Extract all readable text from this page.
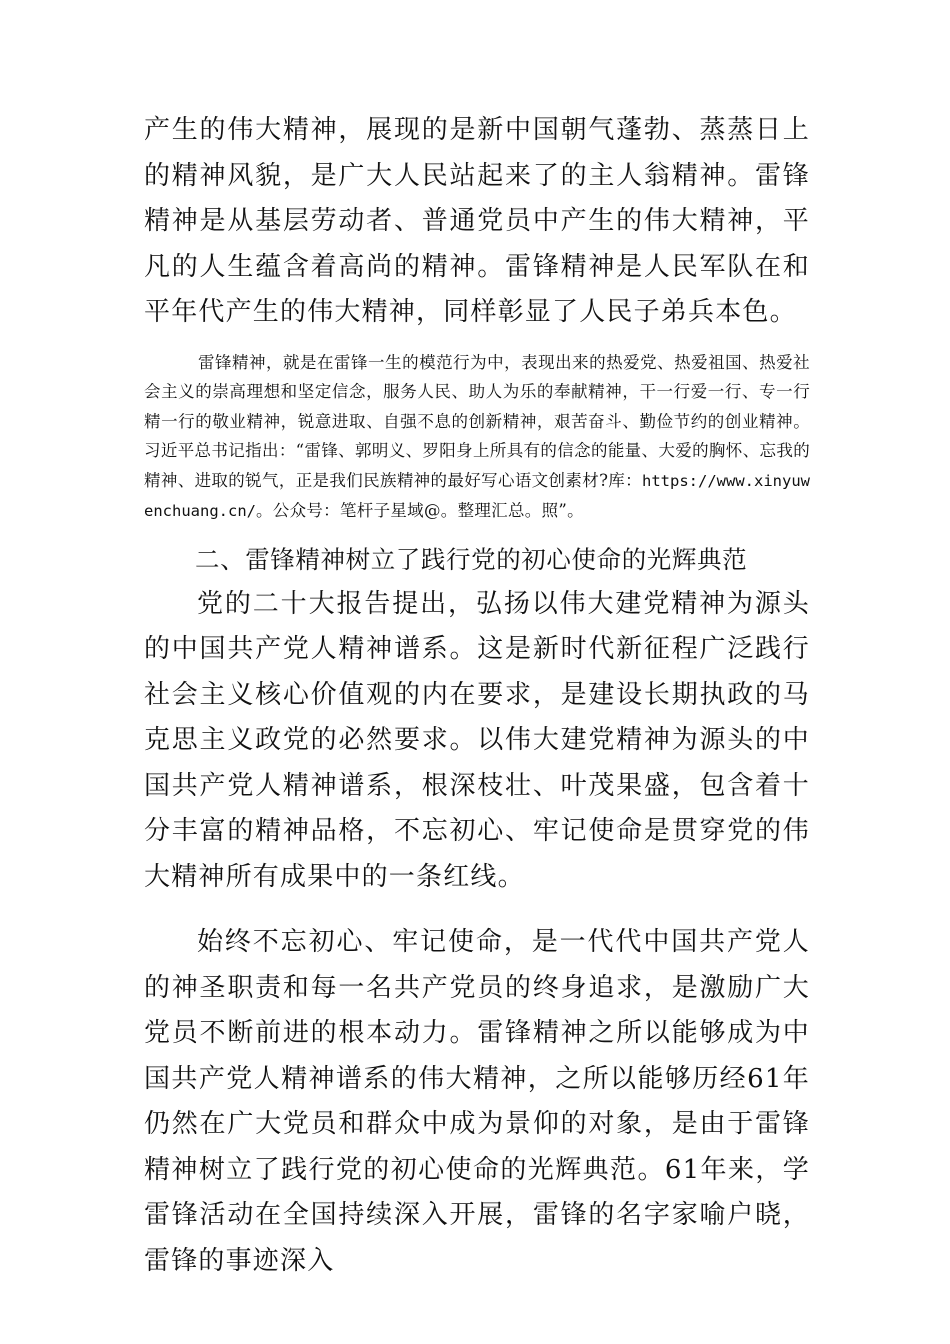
产生的伟大精神，展现的是新中国朝气蓬勃、蒸蒸日上的精神风貌，是广大人民站起来了的主人翁精神。雷锋精神是从基层劳动者、普通党员中产生的伟大精神，平凡的人生蕴含着高尚的精神。雷锋精神是人民军队在和平年代产生的伟大精神，同样彰显了人民子弟兵本色。

雷锋精神，就是在雷锋一生的模范行为中，表现出来的热爱党、热爱祖国、热爱社会主义的崇高理想和坚定信念，服务人民、助人为乐的奉献精神，干一行爱一行、专一行精一行的敬业精神，锐意进取、自强不息的创新精神，艰苦奋斗、勤俭节约的创业精神。习近平总书记指出：“雷锋、郭明义、罗阳身上所具有的信念的能量、大爱的胸怀、忘我的精神、进取的锐气，正是我们民族精神的最好写心语文创素材?库：https://www.xinyuwenchuang.cn/。公众号：笔杆子星域@。整理汇总。照”。

二、雷锋精神树立了践行党的初心使命的光辉典范

党的二十大报告提出，弘扬以伟大建党精神为源头的中国共产党人精神谱系。这是新时代新征程广泛践行社会主义核心价值观的内在要求，是建设长期执政的马克思主义政党的必然要求。以伟大建党精神为源头的中国共产党人精神谱系，根深枝壮、叶茂果盛，包含着十分丰富的精神品格，不忘初心、牢记使命是贯穿党的伟大精神所有成果中的一条红线。

始终不忘初心、牢记使命，是一代代中国共产党人的神圣职责和每一名共产党员的终身追求，是激励广大党员不断前进的根本动力。雷锋精神之所以能够成为中国共产党人精神谱系的伟大精神，之所以能够历经61年仍然在广大党员和群众中成为景仰的对象，是由于雷锋精神树立了践行党的初心使命的光辉典范。61年来，学雷锋活动在全国持续深入开展，雷锋的名字家喻户晓，雷锋的事迹深入
